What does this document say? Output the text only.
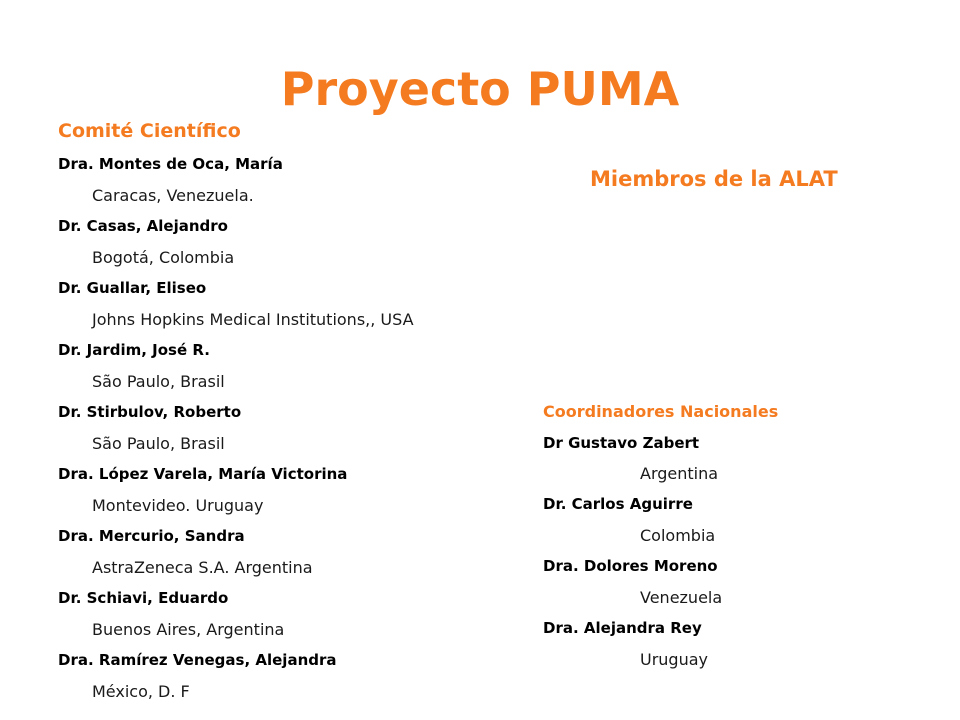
Proyecto PUMA
Comité Científico
Dra. Montes de Oca, María
Caracas, Venezuela.
Dr. Casas, Alejandro
Bogotá, Colombia
Dr. Guallar, Eliseo
Johns Hopkins Medical Institutions,, USA
Dr. Jardim, José R.
São Paulo, Brasil
Dr. Stirbulov, Roberto
São Paulo, Brasil
Dra. López Varela, María Victorina
Montevideo. Uruguay
Dra. Mercurio, Sandra
AstraZeneca S.A. Argentina
Dr. Schiavi, Eduardo
Buenos Aires, Argentina
Dra. Ramírez Venegas, Alejandra
México, D. F
Miembros de la ALAT
Coordinadores Nacionales
Dr Gustavo Zabert
Argentina
Dr. Carlos Aguirre
Colombia
Dra. Dolores Moreno
Venezuela
Dra. Alejandra Rey
Uruguay
